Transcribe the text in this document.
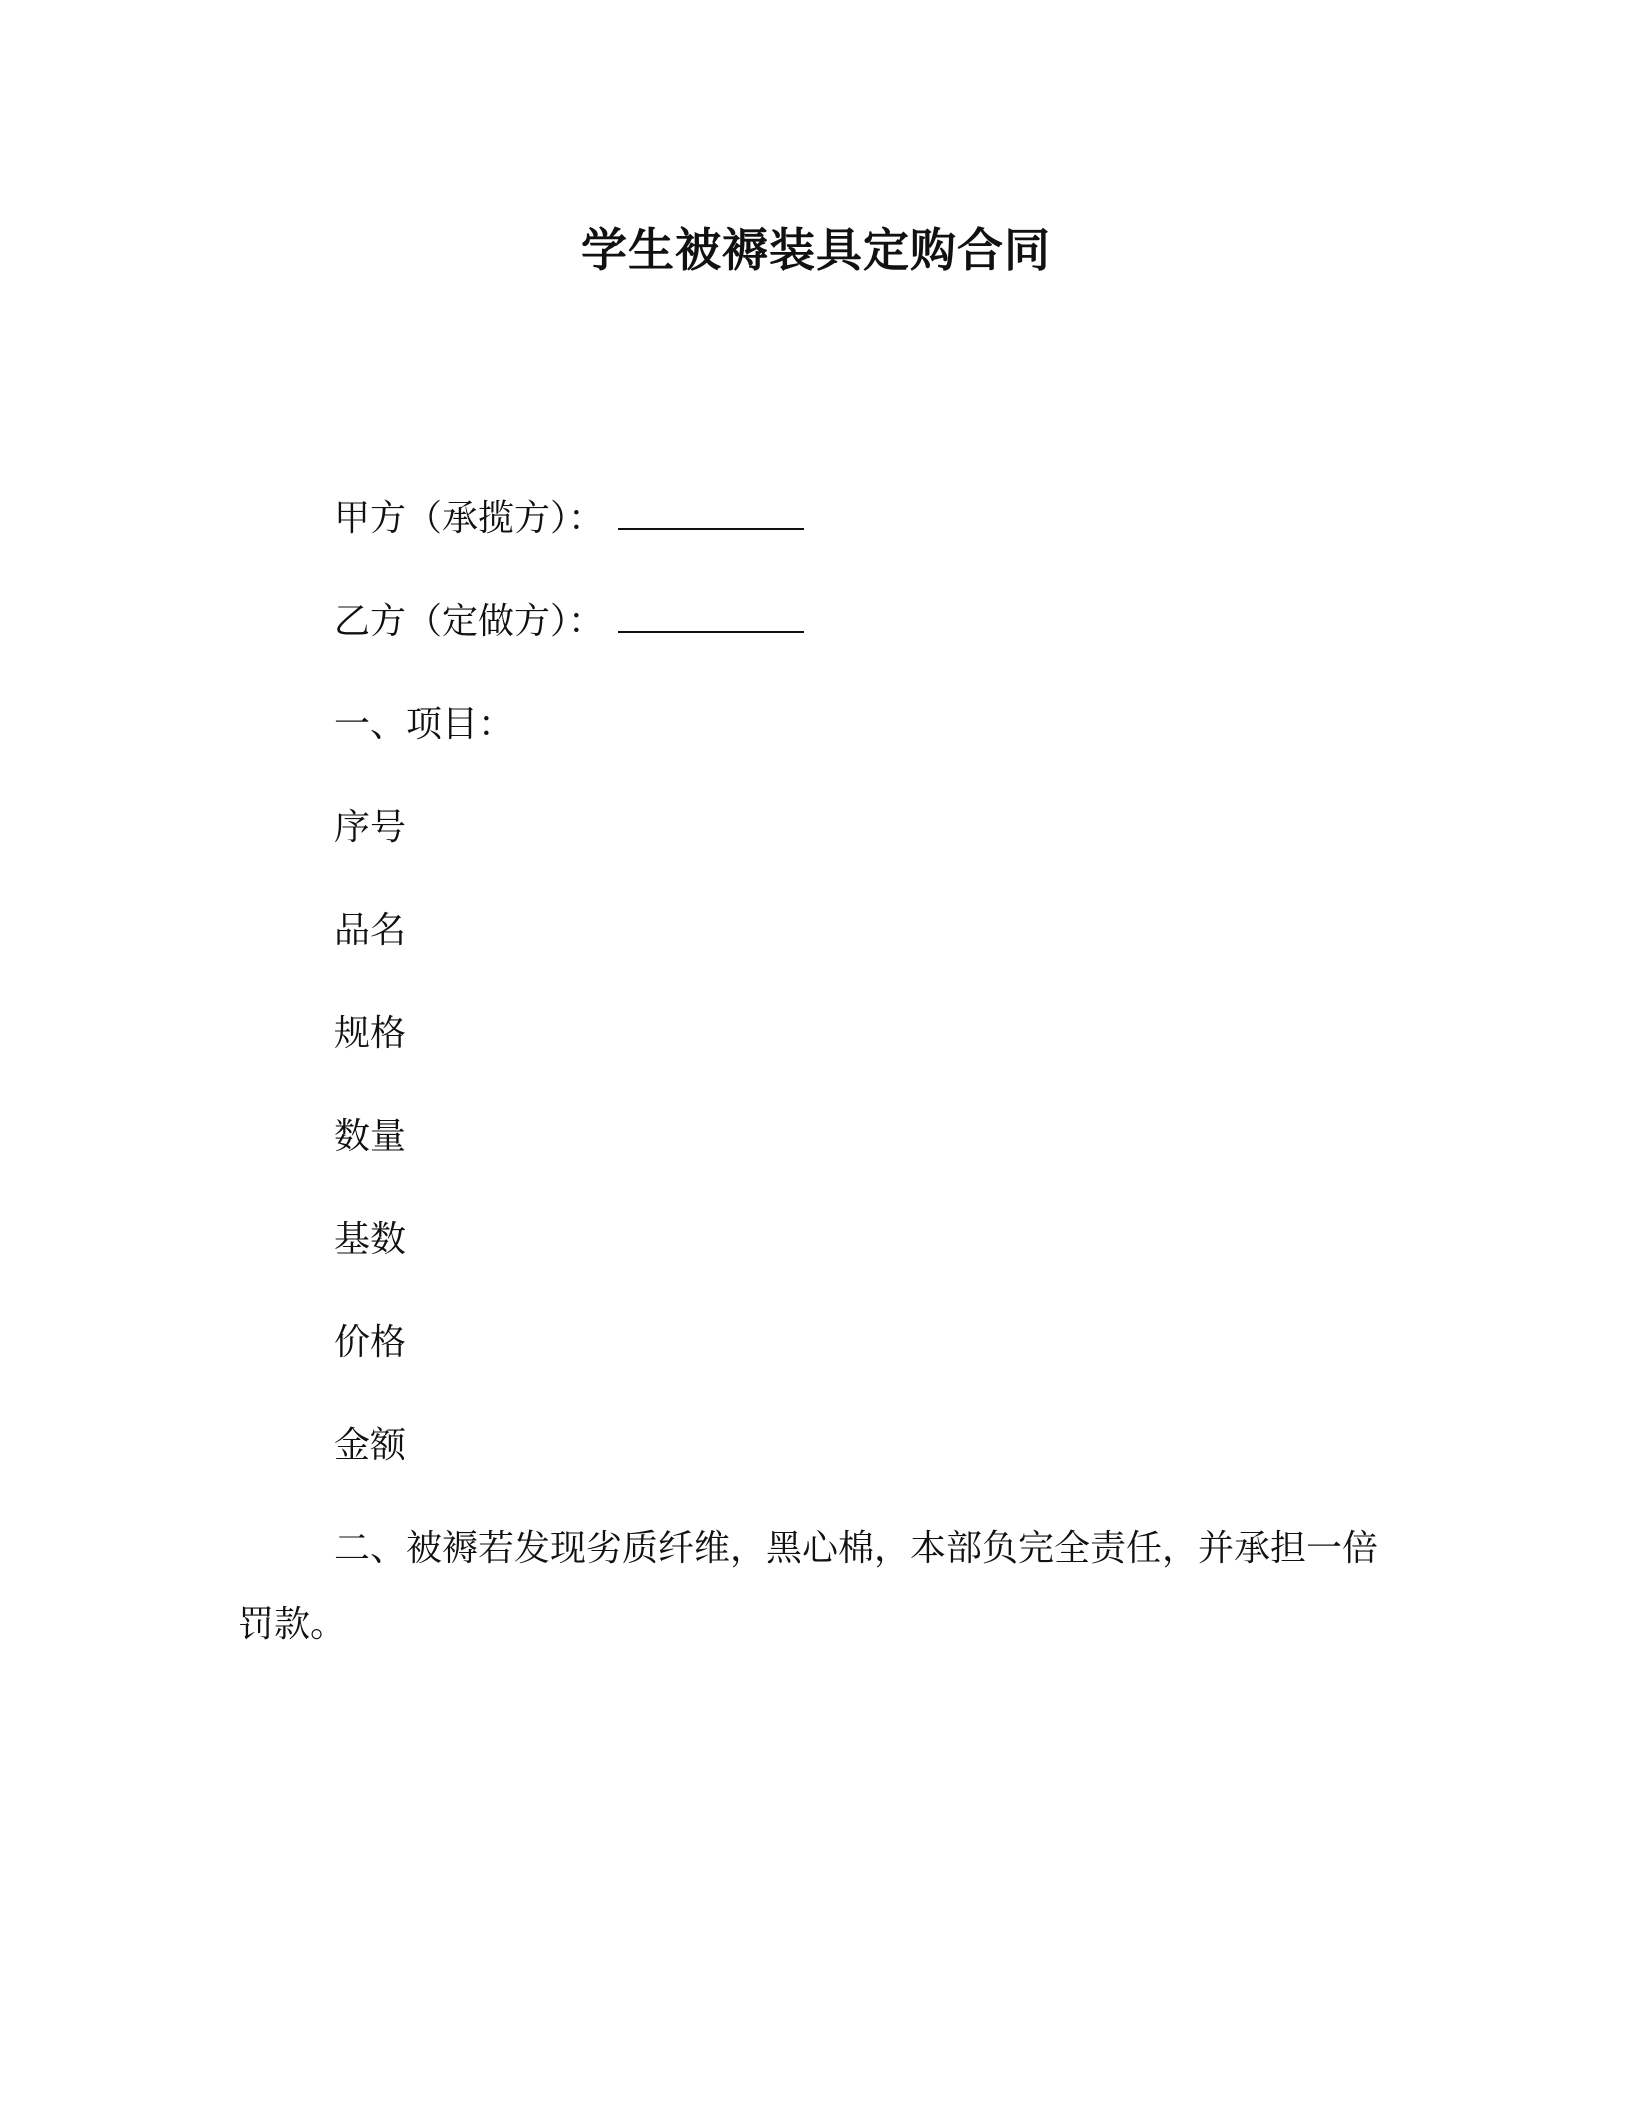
学生被褥装具定购合同
甲方（承揽方）：
乙方（定做方）：
一、项目：
序号
品名
规格
数量
基数
价格
金额
二、被褥若发现劣质纤维，黑心棉，本部负完全责任，并承担一倍罚款。
